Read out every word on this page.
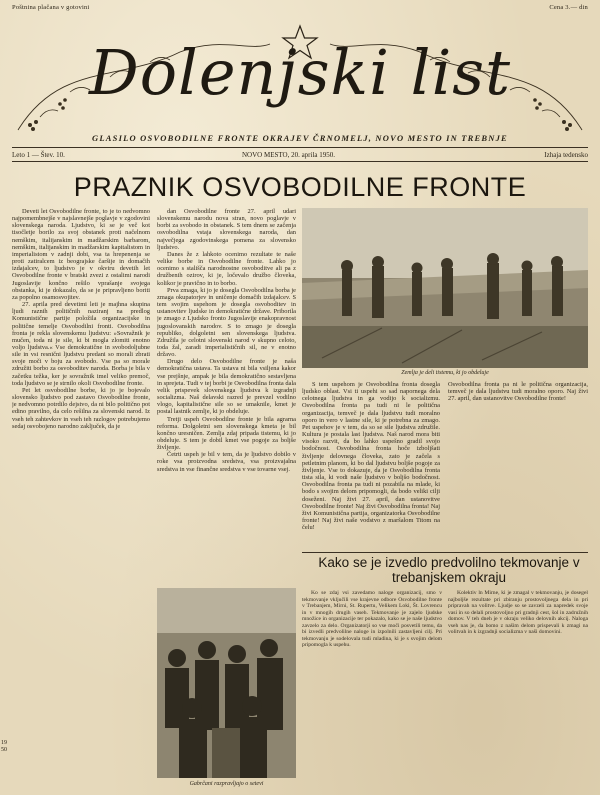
Poštnina plačana v gotovini	Cena 3.— din
Dolenjski list
GLASILO OSVOBODILNE FRONTE OKRAJEV ČRNOMELJ, NOVO MESTO IN TREBNJE
Leto 1 — Štev. 10.	NOVO MESTO, 20. aprila 1950.	Izhaja tedensko
PRAZNIK OSVOBODILNE FRONTE

Deveti let Osvobodilne fronte, to je to nedvomno najpomembnejše v najslavnejše poglavje v zgodovini slovenskega naroda. Ljudstvo, ki se je več kot tisočletje borilo za svoj obstanek proti načelnom nemškim, italijanskim in madžarskim barbarom, nemškim, italijanskim in madžarskim kapitalistom in imperialistom v zadnji dobi, vsa ta hrepenenja se proti zatiralcem iz beograjske čaršije in domačih izdajalcev, to ljudstvo je v okviru devetih let Osvobodilne fronte v bratski zvezi z ostalimi narodi Jugoslavije končno rešilo vprašanje svojega obstanka, ki je dokazalo, da se je pripravljeno boriti za popolno osamosvojitev.

27. aprila pred devetimi leti je majhna skupina ljudi raznih političnih naziranj na predlog Komunistične partije položila organizacijske in politične temelje Osvobodilni fronti. Osvobodilna fronta je rekla slovenskemu ljudstvu: »Sovražnik je mučen, toda ni je sile, ki bi mogla zlomiti enotno voljo ljudstva.« Vse demokratične in svobodoljubne sile in vsi resnični ljudstvu predani so morali zbrati svoje moči v boju za svobodo. Vse pa so morale združiti borbo za osvoboditev naroda. Borba je bila v začetku težka, ker je sovražnik imel veliko premoč, toda ljudstvo se je strnilo okoli Osvobodilne fronte.

Pet let osvobodilne borbe, ki jo je bojevalo slovensko ljudstvo pod zastavo Osvobodilne fronte, je nedvomno potrdilo dejstvo, da ni bilo politično pot edino pravilno, da celo rešilna za slovenski narod. Iz vseh teh zahtevkov in vseh teh razlogov potrebujemo sedaj osvobojeno narodno zaključek, da je

dan Osvobodilne fronte 27. april udari slovenskemu narodu nova stran, novo poglavje v borbi za svobodo in obstanek. S tem dnem se začenja osvobodilna vstaja slovenskega naroda, dan največjega zgodovinskega pomena za slovensko ljudstvo.

Danes že z lahkoto ocenimo rezultate te naše velike borbe in Osvobodilne fronte. Lahko jo ocenimo s stališča narodnostne osvoboditve ali pa z družbenih ozirov, ki je, ločevalo družbo človeka, kolikor je pravično in to borbo.

Prva zmaga, ki jo je dosegla Osvobodilna borba je zmaga okupatorjev in uničenje domačih izdajalcev. S tem svojim uspehom je dosegla osvoboditev in ustanovitev ljudske in demokratične države. Priborila je zmago z Ljudsko fronto Jugoslavije enakopravnost jugoslovanskih narodov. S to zmago je dosegla republiko, dolgoletni sen slovenskega ljudstva. Združila je celotni slovenski narod v skupno celoto, toda žal, zaradi imperialističnih sil, ne v enotno državo.

Drugo delo Osvobodilne fronte je naša demokratična ustava. Ta ustava ni bila vsiljena kakor vse prejšnje, ampak je bila demokratično sestavljena in sprejeta. Tudi v tej borbi je Osvobodilna fronta dala velik prispevek slovenskega ljudstva k izgradnji socializma. Naš delavski razred je prevzel vodilno vlogo, kapitalistične sile so se umaknile, kmet je postal lastnik zemlje, ki jo obdeluje.

Tretji uspeh Osvobodilne fronte je bila agrarna reforma. Dolgoletni sen slovenskega kmeta je bil končno uresničen. Zemlja zdaj pripada tistemu, ki jo obdeluje. S tem je dobil kmet vse pogoje za boljše življenje.

Četrti uspeh je bil v tem, da je ljudstvo dobilo v roke vsa proizvodna sredstva, vsa proizvajalna sredstva in vse finančne sredstva v vse tovarne vsej.

Zemlja je deli tistemu, ki jo obdeluje

S tem uspehom je Osvobodilna fronta dosegla ljudsko oblast. Vsi ti uspehi so sad napornega dela celotnega ljudstva in ga vodijo k socializmu. Osvobodilna fronta pa tudi ni le politična organizacija, temveč je dala ljudstvu tudi moralno oporo in vero v lastne sile, ki je potrebna za zmago. Pet uspehov je v tem, da so se sile ljudstva združile. Kultura je postala last ljudstva. Naš narod mora biti visoko razvit, da bo lahko uspešno gradil svojo bodočnost. Osvobodilna fronta hoče izboljšati življenje delovnega človeka, zato je začela s petletnim planom, ki bo dal ljudstvu boljše pogoje za življenje. Vse to dokazuje, da je Osvobodilna fronta tista sila, ki vodi naše ljudstvo v boljšo bodočnost. Osvobodilna fronta pa tudi ni pozabila na mlade, ki bodo s svojim delom pripomogli, da bodo veliki cilji doseženi. Naj živi 27. april, dan ustanovitve Osvobodilne fronte! Naj živi Osvobodilna fronta! Naj živi Komunistična partija, organizatorka Osvobodilne fronte! Naj živi naše vodstvo z maršalom Titom na čelu!

Osvobodilna fronta pa ni le politična organizacija, temveč je dala ljudstvu tudi moralno oporo. Naj živi 27. april, dan ustanovitve Osvobodilne fronte!

Kako se je izvedlo predvolilno tekmovanje v trebanjskem okraju

Ko se zdaj vsi zavedamo naloge organizacij, smo v tekmovanje vključili vse krajevne odbore Osvobodilne fronte v Trebanjem, Mirni, St. Rupertu, Velikem Loki, Št. Lovrencu in v mnogih drugih vaseh. Tekmovanje je zajelo ljudske množice in organizacije ter pokazalo, kako se je naše ljudstvo zavzelo za delo. Organizatorji so vse moči posvetili temu, da bi izvedli predvolilne naloge in izpolnili zastavljeni cilj. Pri tekmovanju je sodelovala tudi mladina, ki je s svojim delom pripomogla k uspehu.

Kolektiv ln Mirne, ki je zmagal v tekmovanju, je dosegel najboljše rezultate pri zbiranju prostovoljnega dela in pri pripravah na volitve. Ljudje so se zavzeli za napredek svoje vasi in so delali prostovoljno pri gradnji cest, šol in zadružnih domov. V teh dneh je v okraju veliko delovnih akcij. Naloga vseh nas je, da bomo z našim delom prispevali k zmagi na volitvah in k izgradnji socializma v naši domovini.

Gabrčani razpravljajo o setevi
19 50
